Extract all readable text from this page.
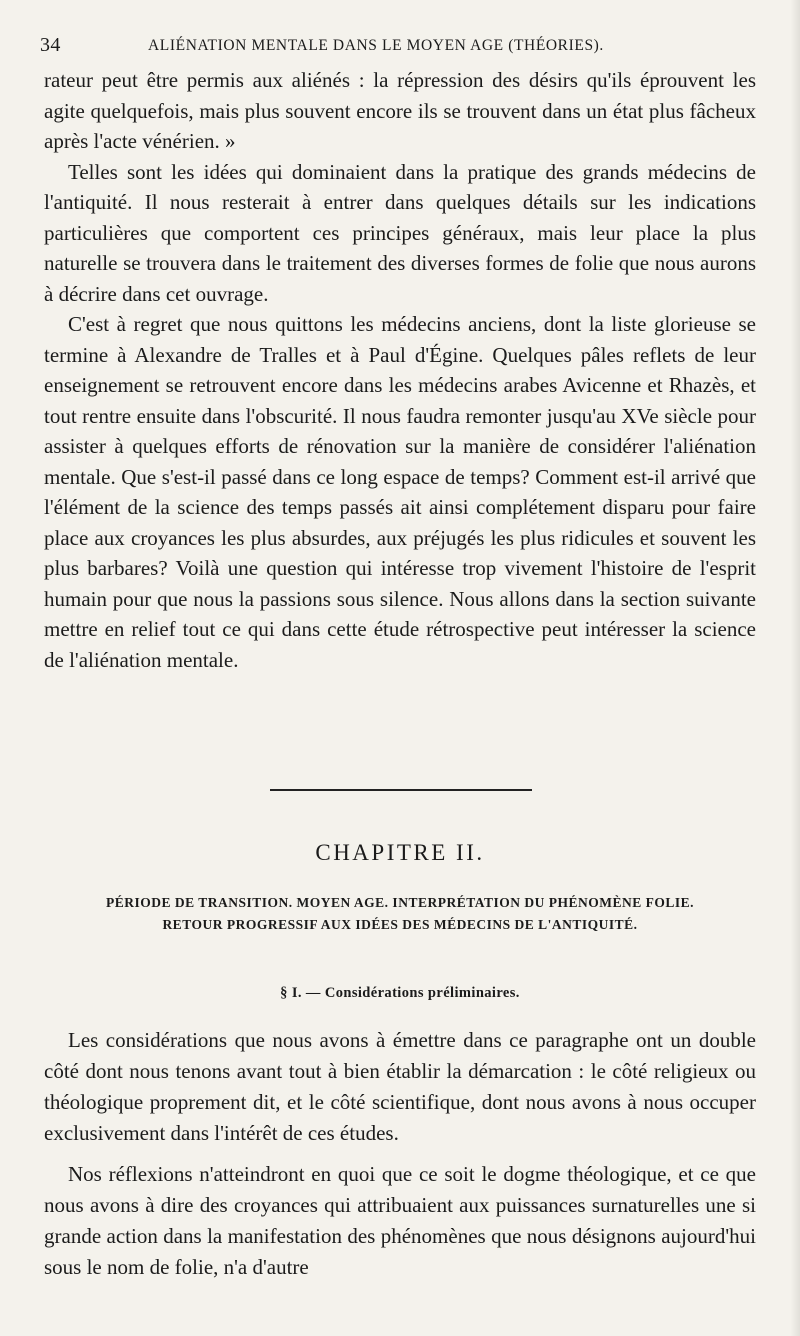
34	ALIÉNATION MENTALE DANS LE MOYEN AGE (THÉORIES).

rateur peut être permis aux aliénés : la répression des désirs qu'ils éprouvent les agite quelquefois, mais plus souvent encore ils se trouvent dans un état plus fâcheux après l'acte vénérien. »

Telles sont les idées qui dominaient dans la pratique des grands médecins de l'antiquité. Il nous resterait à entrer dans quelques détails sur les indications particulières que comportent ces principes généraux, mais leur place la plus naturelle se trouvera dans le traitement des diverses formes de folie que nous aurons à décrire dans cet ouvrage.

C'est à regret que nous quittons les médecins anciens, dont la liste glorieuse se termine à Alexandre de Tralles et à Paul d'Égine. Quelques pâles reflets de leur enseignement se retrouvent encore dans les médecins arabes Avicenne et Rhazès, et tout rentre ensuite dans l'obscurité. Il nous faudra remonter jusqu'au XVe siècle pour assister à quelques efforts de rénovation sur la manière de considérer l'aliénation mentale. Que s'est-il passé dans ce long espace de temps? Comment est-il arrivé que l'élément de la science des temps passés ait ainsi complétement disparu pour faire place aux croyances les plus absurdes, aux préjugés les plus ridicules et souvent les plus barbares? Voilà une question qui intéresse trop vivement l'histoire de l'esprit humain pour que nous la passions sous silence. Nous allons dans la section suivante mettre en relief tout ce qui dans cette étude rétrospective peut intéresser la science de l'aliénation mentale.

CHAPITRE II.
PÉRIODE DE TRANSITION. MOYEN AGE. INTERPRÉTATION DU PHÉNOMÈNE FOLIE.
RETOUR PROGRESSIF AUX IDÉES DES MÉDECINS DE L'ANTIQUITÉ.
§ I. — Considérations préliminaires.

Les considérations que nous avons à émettre dans ce paragraphe ont un double côté dont nous tenons avant tout à bien établir la démarcation : le côté religieux ou théologique proprement dit, et le côté scientifique, dont nous avons à nous occuper exclusivement dans l'intérêt de ces études.

Nos réflexions n'atteindront en quoi que ce soit le dogme théologique, et ce que nous avons à dire des croyances qui attribuaient aux puissances surnaturelles une si grande action dans la manifestation des phénomènes que nous désignons aujourd'hui sous le nom de folie, n'a d'autre
